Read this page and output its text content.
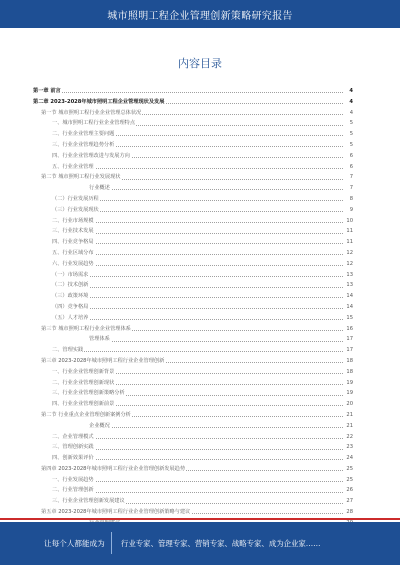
城市照明工程企业管理创新策略研究报告
内容目录
第一章 前言	4
第二章 2023-2028年城市照明工程企业管理现状及发展	4
第一节 城市照明工程行业企业管理总体状况	4
一、城市照明工程行业企业管理特点	5
二、行业企业管理主要问题	5
三、行业企业管理趋势分析	5
四、行业企业管理改进与发展方向	6
五、行业企业管理	6
第二节 城市照明工程行业发展现状	7
行业概述	7
（二）行业发展历程	8
（三）行业发展现状	9
二、行业市场规模	10
三、行业技术发展	11
四、行业竞争格局	11
五、行业区域分布	12
六、行业发展趋势	12
（一）市场需求	13
（二）技术创新	13
（三）政策环境	14
（四）竞争格局	14
（五）人才培养	15
第三节 城市照明工程行业企业管理体系	16
管理体系	17
二、管理实践	17
第三章 2023-2028年城市照明工程行业企业管理创新	18
一、行业企业管理创新背景	18
二、行业企业管理创新现状	19
三、行业企业管理创新策略分析	19
四、行业企业管理创新前景	20
第二节 行业重点企业管理创新案例分析	21
企业概况	21
二、企业管理模式	22
三、管理创新实践	23
四、创新效果评价	24
第四章 2023-2028年城市照明工程行业企业管理创新发展趋势	25
一、行业发展趋势	25
二、行业管理创新	26
三、行业企业管理创新发展建议	27
第五章 2023-2028年城市照明工程行业企业管理创新策略与建议	28
让每个人都能成为 行业专家、管理专家、营销专家、战略专家、成为企业家……
